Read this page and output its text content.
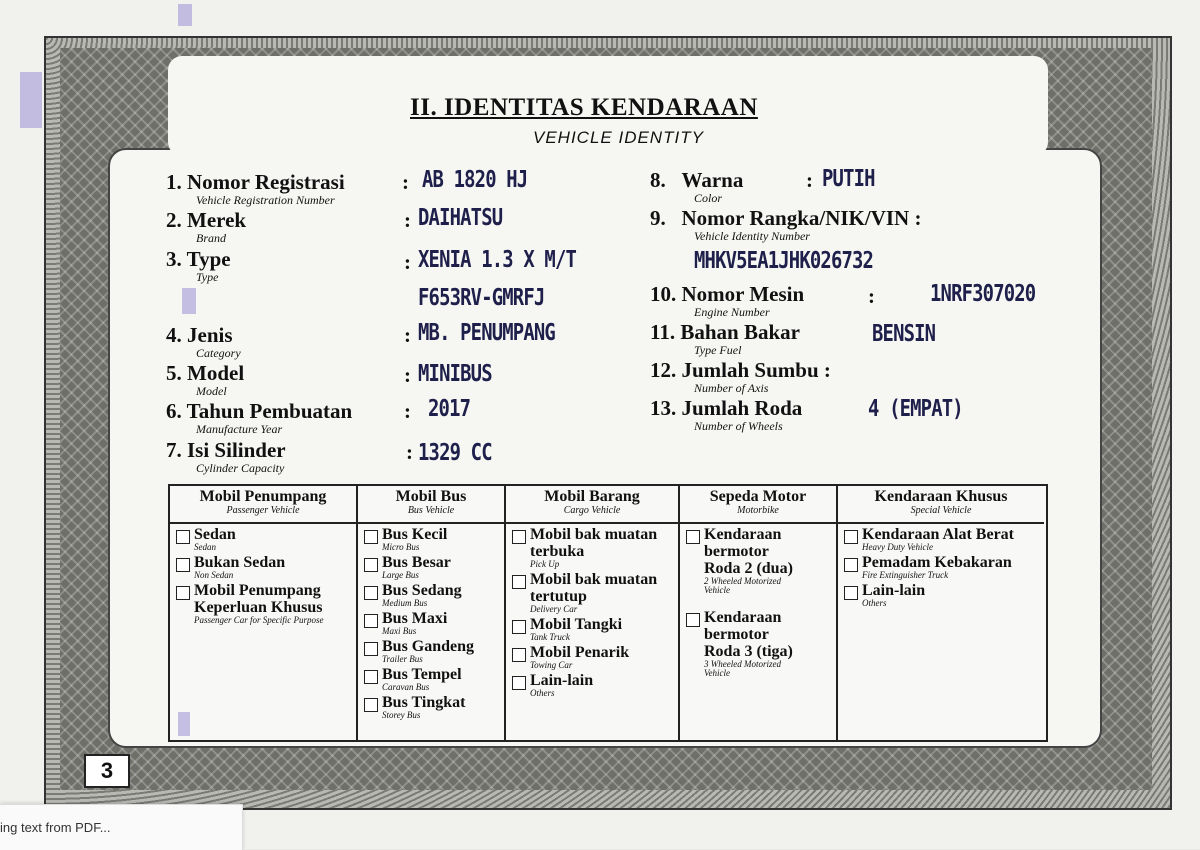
II. IDENTITAS KENDARAAN
VEHICLE IDENTITY
1. Nomor Registrasi
Vehicle Registration Number
: AB 1820 HJ
2. Merek
Brand
: DAIHATSU
3. Type
Type
: XENIA 1.3 X M/T
F653RV-GMRFJ
4. Jenis
Category
: MB. PENUMPANG
5. Model
Model
: MINIBUS
6. Tahun Pembuatan
Manufacture Year
: 2017
7. Isi Silinder
Cylinder Capacity
: 1329 CC
8. Warna
Color
: PUTIH
9. Nomor Rangka/NIK/VIN :
Vehicle Identity Number
MHKV5EA1JHK026732
10. Nomor Mesin
Engine Number
: 1NRF307020
11. Bahan Bakar
Type Fuel
BENSIN
12. Jumlah Sumbu :
Number of Axis
13. Jumlah Roda
Number of Wheels
4 (EMPAT)
Mobil Penumpang
Passenger Vehicle
Sedan
Sedan
Bukan Sedan
Non Sedan
Mobil Penumpang Keperluan Khusus
Passenger Car for Specific Purpose
Mobil Bus
Bus Vehicle
Bus Kecil
Micro Bus
Bus Besar
Large Bus
Bus Sedang
Medium Bus
Bus Maxi
Maxi Bus
Bus Gandeng
Trailer Bus
Bus Tempel
Caravan Bus
Bus Tingkat
Storey Bus
Mobil Barang
Cargo Vehicle
Mobil bak muatan terbuka
Pick Up
Mobil bak muatan tertutup
Delivery Car
Mobil Tangki
Tank Truck
Mobil Penarik
Towing Car
Lain-lain
Others
Sepeda Motor
Motorbike
Kendaraan bermotor Roda 2 (dua)
2 Wheeled Motorized Vehicle
Kendaraan bermotor Roda 3 (tiga)
3 Wheeled Motorized Vehicle
Kendaraan Khusus
Special Vehicle
Kendaraan Alat Berat
Heavy Duty Vehicle
Pemadam Kebakaran
Fire Extinguisher Truck
Lain-lain
Others
3
ing text from PDF...
